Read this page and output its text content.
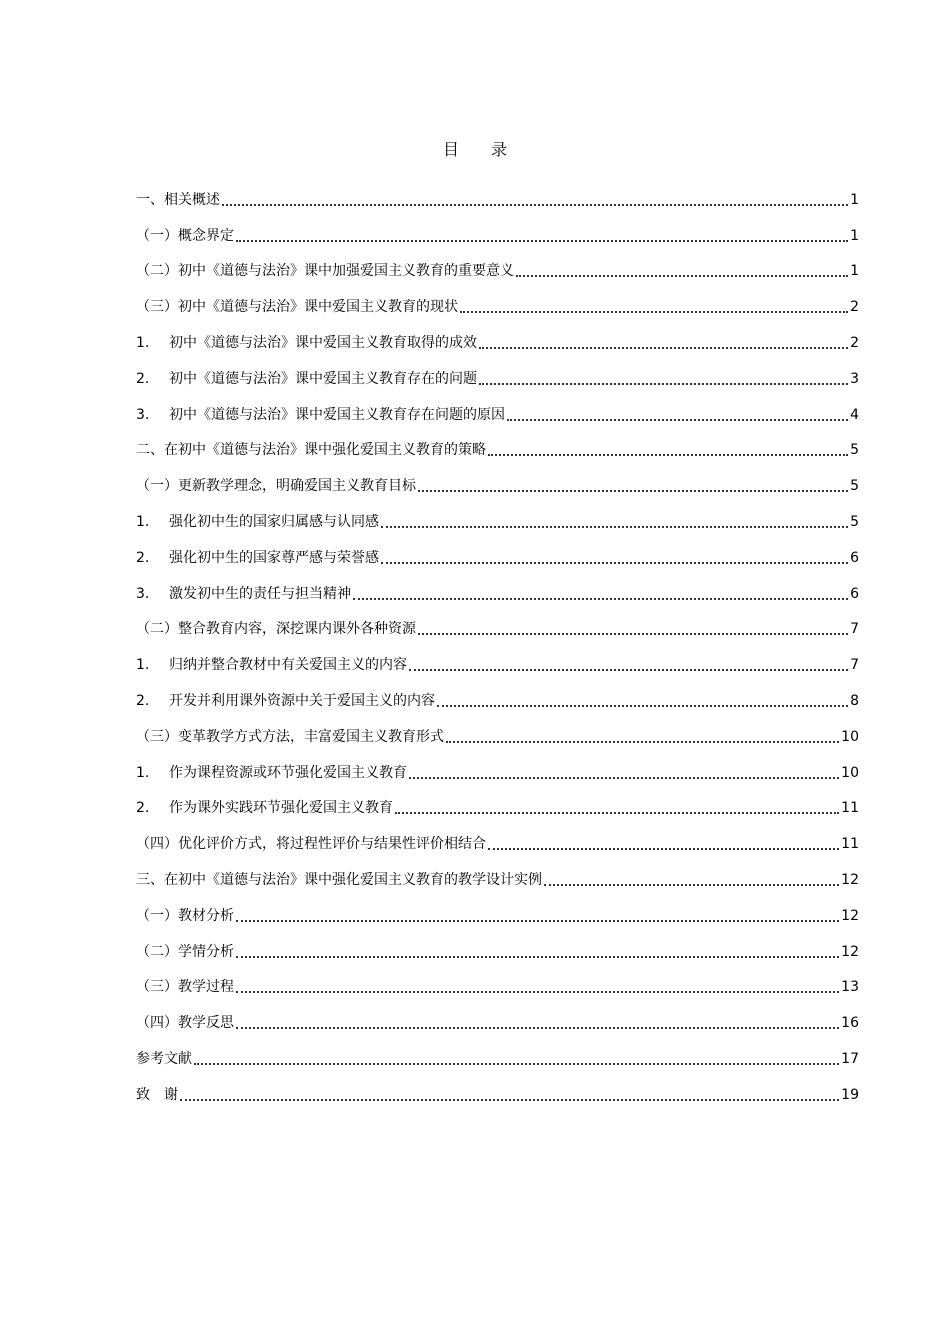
目 录
一、相关概述	1
（一）概念界定	1
（二）初中《道德与法治》课中加强爱国主义教育的重要意义	1
（三）初中《道德与法治》课中爱国主义教育的现状	2
1.	初中《道德与法治》课中爱国主义教育取得的成效	2
2.	初中《道德与法治》课中爱国主义教育存在的问题	3
3.	初中《道德与法治》课中爱国主义教育存在问题的原因	4
二、在初中《道德与法治》课中强化爱国主义教育的策略	5
（一）更新教学理念，明确爱国主义教育目标	5
1.	强化初中生的国家归属感与认同感	5
2.	强化初中生的国家尊严感与荣誉感	6
3.	激发初中生的责任与担当精神	6
（二）整合教育内容，深挖课内课外各种资源	7
1.	归纳并整合教材中有关爱国主义的内容	7
2.	开发并利用课外资源中关于爱国主义的内容	8
（三）变革教学方式方法，丰富爱国主义教育形式	10
1.	作为课程资源或环节强化爱国主义教育	10
2.	作为课外实践环节强化爱国主义教育	11
（四）优化评价方式，将过程性评价与结果性评价相结合	11
三、在初中《道德与法治》课中强化爱国主义教育的教学设计实例	12
（一）教材分析	12
（二）学情分析	12
（三）教学过程	13
（四）教学反思	16
参考文献	17
致　谢	19
